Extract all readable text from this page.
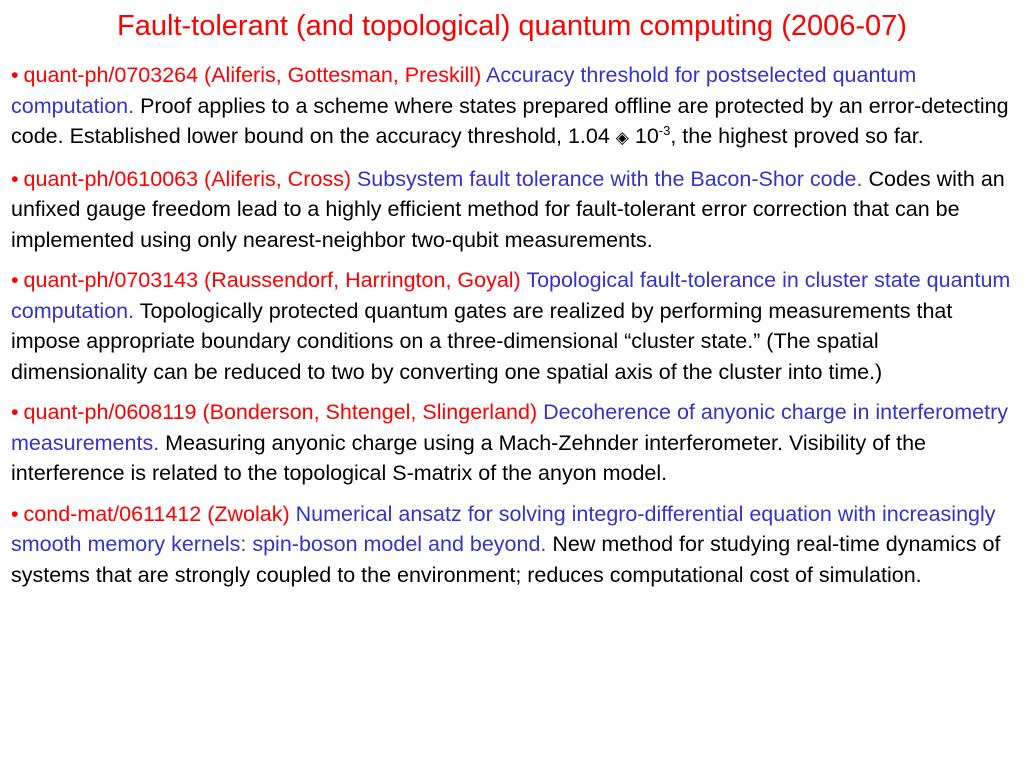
Fault-tolerant (and topological) quantum computing (2006-07)

• quant-ph/0703264 (Aliferis, Gottesman, Preskill) Accuracy threshold for postselected quantum computation. Proof applies to a scheme where states prepared offline are protected by an error-detecting code. Established lower bound on the accuracy threshold, 1.04 ◈ $10^{-3}$, the highest proved so far.

• quant-ph/0610063 (Aliferis, Cross) Subsystem fault tolerance with the Bacon-Shor code. Codes with an unfixed gauge freedom lead to a highly efficient method for fault-tolerant error correction that can be implemented using only nearest-neighbor two-qubit measurements.

• quant-ph/0703143 (Raussendorf, Harrington, Goyal) Topological fault-tolerance in cluster state quantum computation. Topologically protected quantum gates are realized by performing measurements that impose appropriate boundary conditions on a three-dimensional “cluster state.” (The spatial dimensionality can be reduced to two by converting one spatial axis of the cluster into time.)

• quant-ph/0608119 (Bonderson, Shtengel, Slingerland) Decoherence of anyonic charge in interferometry measurements. Measuring anyonic charge using a Mach-Zehnder interferometer. Visibility of the interference is related to the topological S-matrix of the anyon model.

• cond-mat/0611412 (Zwolak) Numerical ansatz for solving integro-differential equation with increasingly smooth memory kernels: spin-boson model and beyond. New method for studying real-time dynamics of systems that are strongly coupled to the environment; reduces computational cost of simulation.
